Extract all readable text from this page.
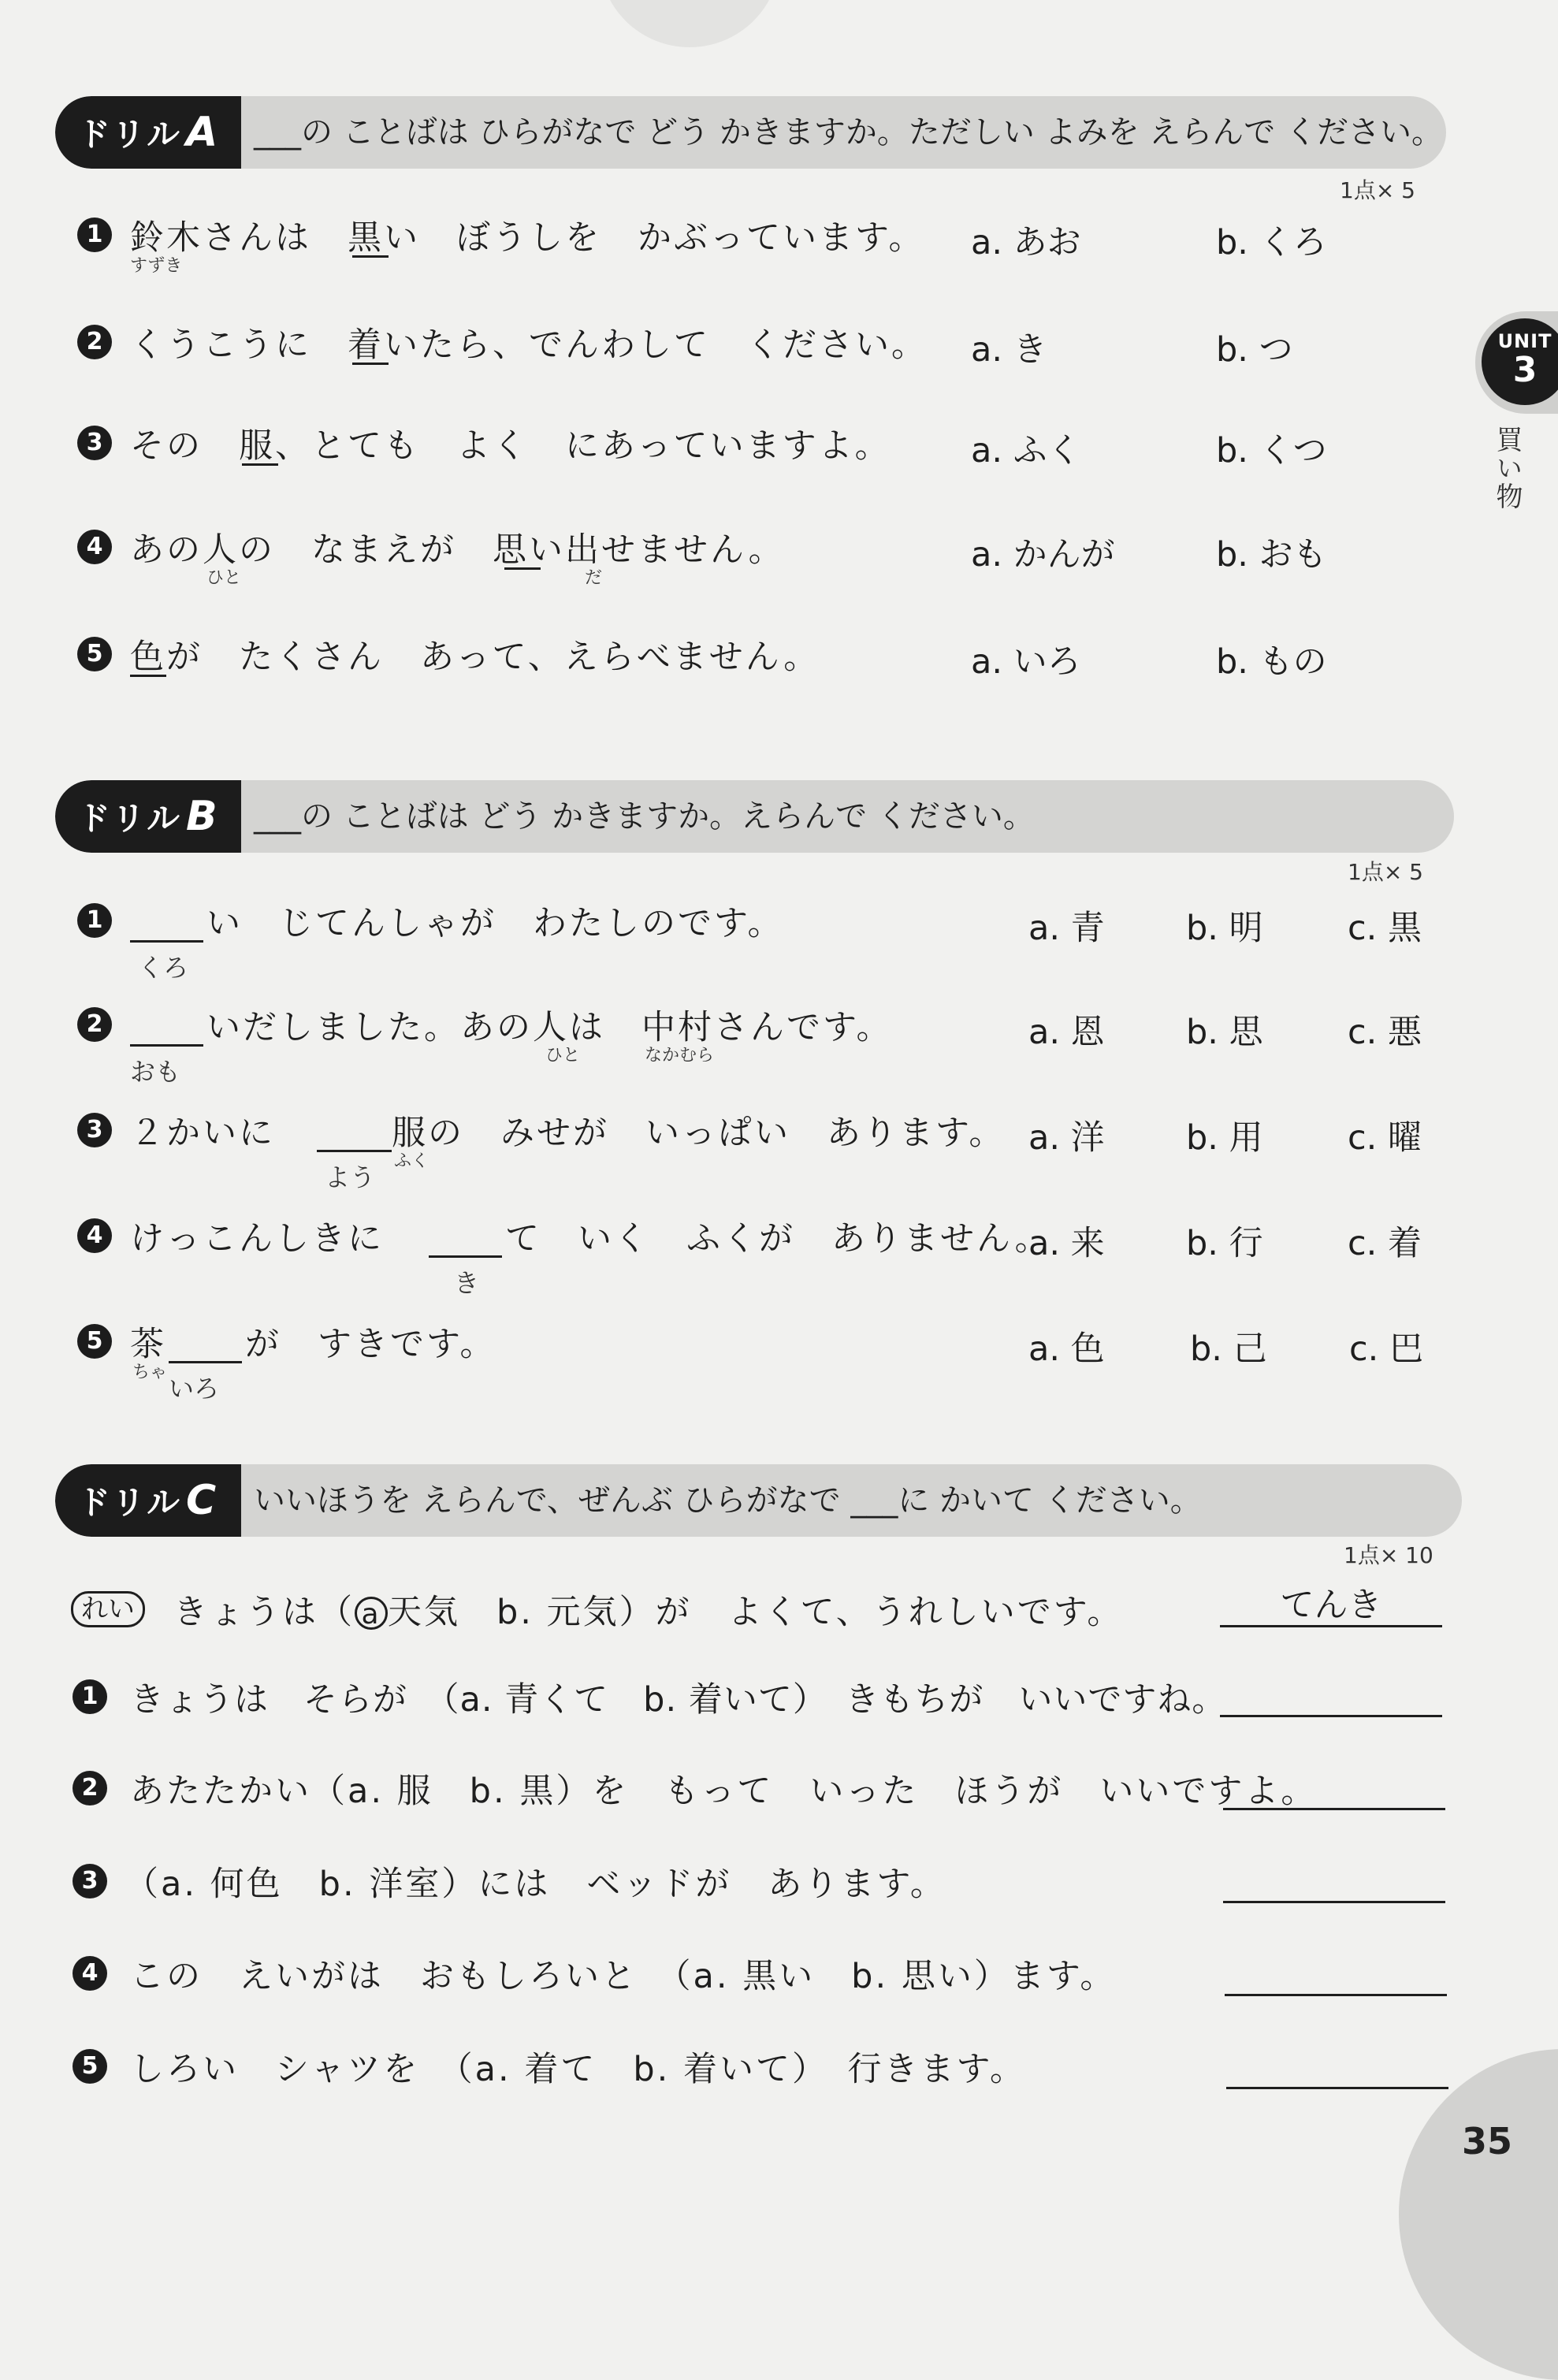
35
UNIT
3
買い物
ドリル A	___の ことばは ひらがなで どう かきますか。ただしい よみを えらんで ください。
1点× 5
1 鈴木さんは　黒い　ぼうしを　かぶっています。
すずき
a. あお	b. くろ
2 くうこうに　着いたら、でんわして　ください。 a. き	b. つ
3 その　服、とても　よく　にあっていますよ。 a. ふく	b. くつ
4 あの人の　なまえが　思い出せません。
ひと	だ
a. かんが	b. おも
5 色が　たくさん　あって、えらべません。	a. いろ	b. もの
ドリル B	___の ことばは どう かきますか。えらんで ください。
1点× 5
1	い　じてんしゃが　わたしのです。
くろ
a. 青 b. 明 c. 黒
2	いだしました。あの人は　中村さんです。
おも
ひと	なかむら
a. 恩 b. 思 c. 悪
3 ２かいに　 服の　みせが　いっぱい　あります。
よう
ふく
a. 洋 b. 用 c. 曜
4 けっこんしきに　	て　いく　ふくが　ありません。
き
a. 来 b. 行 c. 着
5 茶 が　すきです。
いろ
ちゃ
a. 色	b. 己 c. 巴
ドリル C	いいほうを えらんで、ぜんぶ ひらがなで ___に かいて ください。
1点× 10
れい	きょうは（ a 天気　b. 元気）が　よくて、うれしいです。	てんき
1 きょうは　そらが　（a. 青くて　b. 着いて）　きもちが　いいですね。
2 あたたかい（a. 服　b. 黒）を　もって　いった　ほうが　いいですよ。
3 （a. 何色　b. 洋室）には　ベッドが　あります。
4 この　えいがは　おもしろいと　（a. 黒い　b. 思い）ます。
5 しろい　シャツを　（a. 着て　b. 着いて）　行きます。
